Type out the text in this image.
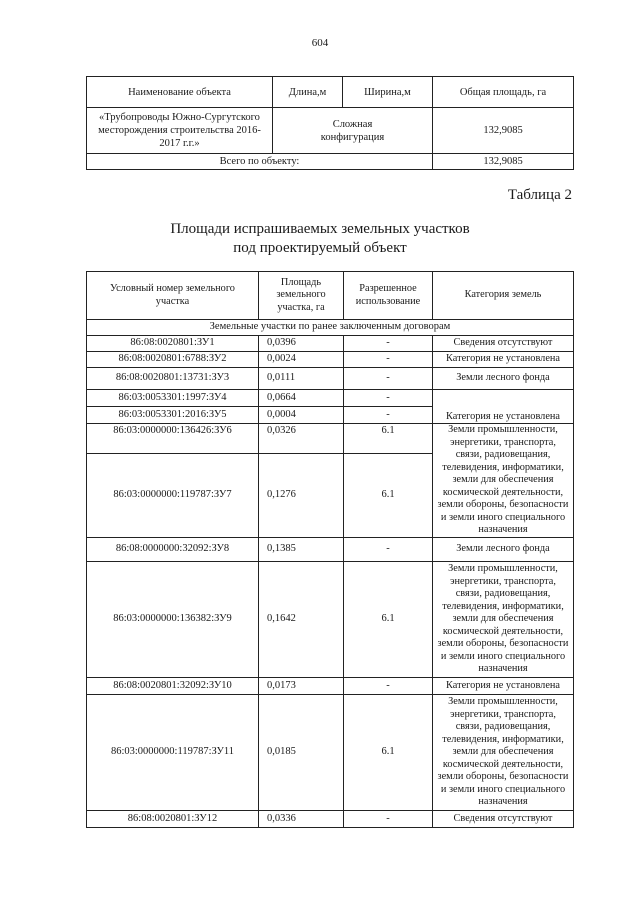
604
Наименование объекта	Длина,м	Ширина,м	Общая площадь, га
«Трубопроводы Южно-Сургутского месторождения строительства 2016-2017 г.г.»	Сложная конфигурация		132,9085
Всего по объекту:			132,9085
Таблица 2
Площади испрашиваемых земельных участков
под проектируемый объект
Условный номер земельного участка	Площадь земельного участка, га	Разрешенное использование	Категория земель
Земельные участки по ранее заключенным договорам			
86:08:0020801:ЗУ1	0,0396	-	Сведения отсутствуют
86:08:0020801:6788:ЗУ2	0,0024	-	Категория не установлена
86:08:0020801:13731:ЗУ3	0,0111	-	Земли лесного фонда
86:03:0053301:1997:ЗУ4	0,0664	-	
86:03:0053301:2016:ЗУ5	0,0004	-	Категория не установлена
86:03:0000000:136426:ЗУ6	0,0326	6.1	Земли промышленности, энергетики, транспорта, связи, радиовещания, телевидения, информатики, земли для обеспечения космической деятельности, земли обороны, безопасности и земли иного специального назначения
86:03:0000000:119787:ЗУ7	0,1276	6.1	
86:08:0000000:32092:ЗУ8	0,1385	-	Земли лесного фонда
86:03:0000000:136382:ЗУ9	0,1642	6.1	Земли промышленности, энергетики, транспорта, связи, радиовещания, телевидения, информатики, земли для обеспечения космической деятельности, земли обороны, безопасности и земли иного специального назначения
86:08:0020801:32092:ЗУ10	0,0173	-	Категория не установлена
86:03:0000000:119787:ЗУ11	0,0185	6.1	Земли промышленности, энергетики, транспорта, связи, радиовещания, телевидения, информатики, земли для обеспечения космической деятельности, земли обороны, безопасности и земли иного специального назначения
86:08:0020801:ЗУ12	0,0336	-	Сведения отсутствуют
